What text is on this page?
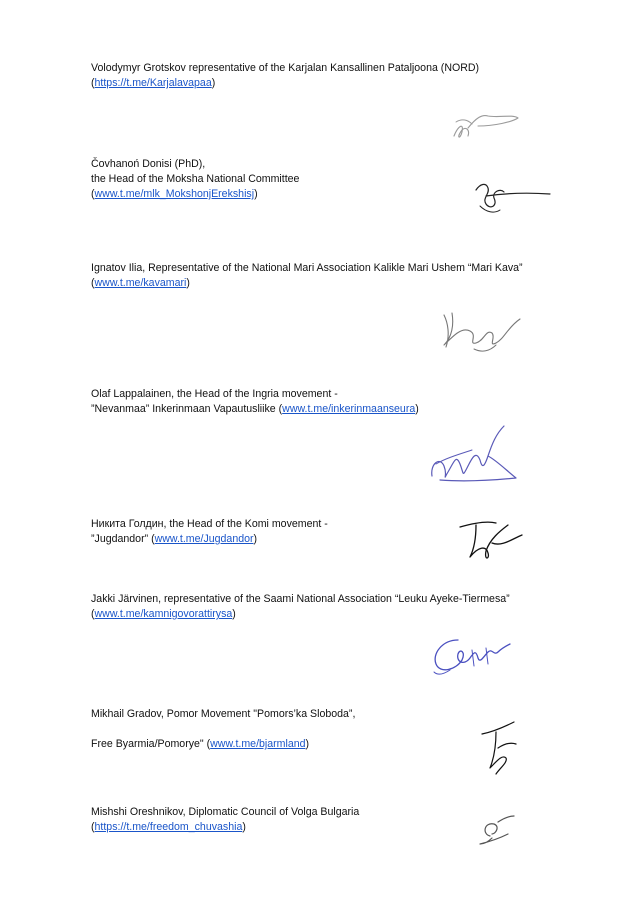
Volodymyr Grotskov representative of the Karjalan Kansallinen Pataljoona (NORD)

(https://t.me/Karjalavapaa)

Čovhanoń Donisi (PhD),

the Head of the Moksha National Committee

(www.t.me/mlk_MokshonjErekshisj)

Ignatov Ilia, Representative of the National Mari Association Kalikle Mari Ushem “Mari Kava”

(www.t.me/kavamari)

Olaf Lappalainen, the Head of the Ingria movement -

”Nevanmaa” Inkerinmaan Vapautusliike (www.t.me/inkerinmaanseura)

Никита Голдин, the Head of the Komi movement -

”Jugdandor” (www.t.me/Jugdandor)

Jakki Järvinen, representative of the Saami National Association “Leuku Ayeke-Tiermesa”

(www.t.me/kamnigovorattirysa)

Mikhail Gradov, Pomor Movement "Pomors’ka Sloboda”,

Free Byarmia/Pomorye" (www.t.me/bjarmland)

Mishshi Oreshnikov, Diplomatic Council of Volga Bulgaria

(https://t.me/freedom_chuvashia)
